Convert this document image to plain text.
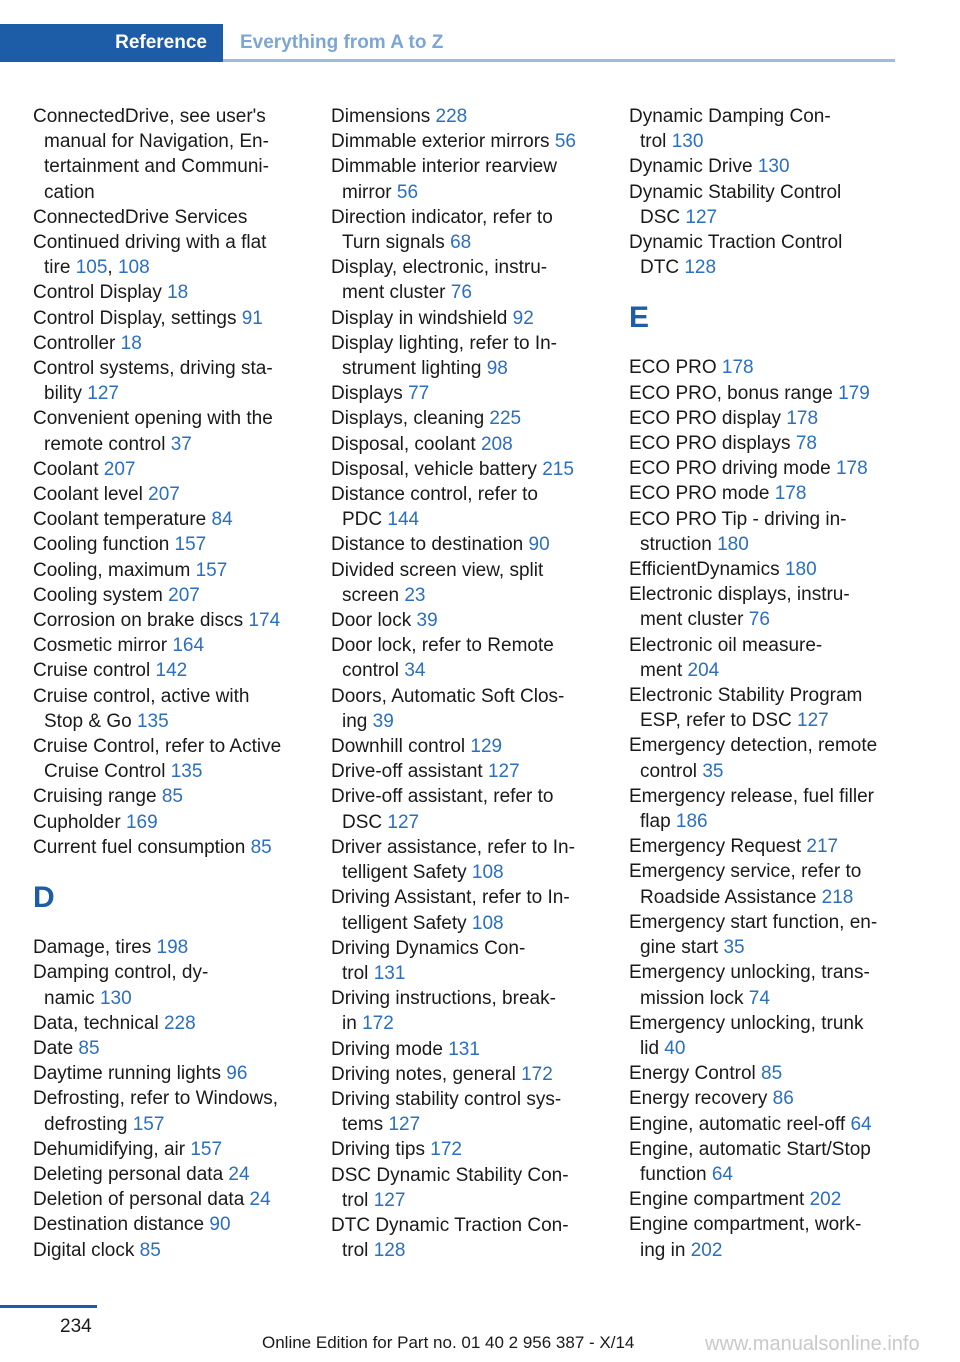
Reference	Everything from A to Z
ConnectedDrive, see user's
manual for Navigation, En-
tertainment and Communi-
cation
ConnectedDrive Services
Continued driving with a flat
tire 105, 108
Control Display 18
Control Display, settings 91
Controller 18
Control systems, driving sta-
bility 127
Convenient opening with the
remote control 37
Coolant 207
Coolant level 207
Coolant temperature 84
Cooling function 157
Cooling, maximum 157
Cooling system 207
Corrosion on brake discs 174
Cosmetic mirror 164
Cruise control 142
Cruise control, active with
Stop & Go 135
Cruise Control, refer to Active
Cruise Control 135
Cruising range 85
Cupholder 169
Current fuel consumption 85
D
Damage, tires 198
Damping control, dy-
namic 130
Data, technical 228
Date 85
Daytime running lights 96
Defrosting, refer to Windows,
defrosting 157
Dehumidifying, air 157
Deleting personal data 24
Deletion of personal data 24
Destination distance 90
Digital clock 85
Dimensions 228
Dimmable exterior mirrors 56
Dimmable interior rearview
mirror 56
Direction indicator, refer to
Turn signals 68
Display, electronic, instru-
ment cluster 76
Display in windshield 92
Display lighting, refer to In-
strument lighting 98
Displays 77
Displays, cleaning 225
Disposal, coolant 208
Disposal, vehicle battery 215
Distance control, refer to
PDC 144
Distance to destination 90
Divided screen view, split
screen 23
Door lock 39
Door lock, refer to Remote
control 34
Doors, Automatic Soft Clos-
ing 39
Downhill control 129
Drive-off assistant 127
Drive-off assistant, refer to
DSC 127
Driver assistance, refer to In-
telligent Safety 108
Driving Assistant, refer to In-
telligent Safety 108
Driving Dynamics Con-
trol 131
Driving instructions, break-
in 172
Driving mode 131
Driving notes, general 172
Driving stability control sys-
tems 127
Driving tips 172
DSC Dynamic Stability Con-
trol 127
DTC Dynamic Traction Con-
trol 128
Dynamic Damping Con-
trol 130
Dynamic Drive 130
Dynamic Stability Control
DSC 127
Dynamic Traction Control
DTC 128
E
ECO PRO 178
ECO PRO, bonus range 179
ECO PRO display 178
ECO PRO displays 78
ECO PRO driving mode 178
ECO PRO mode 178
ECO PRO Tip - driving in-
struction 180
EfficientDynamics 180
Electronic displays, instru-
ment cluster 76
Electronic oil measure-
ment 204
Electronic Stability Program
ESP, refer to DSC 127
Emergency detection, remote
control 35
Emergency release, fuel filler
flap 186
Emergency Request 217
Emergency service, refer to
Roadside Assistance 218
Emergency start function, en-
gine start 35
Emergency unlocking, trans-
mission lock 74
Emergency unlocking, trunk
lid 40
Energy Control 85
Energy recovery 86
Engine, automatic reel-off 64
Engine, automatic Start/Stop
function 64
Engine compartment 202
Engine compartment, work-
ing in 202
234
Online Edition for Part no. 01 40 2 956 387 - X/14	www.manualsonline.info
